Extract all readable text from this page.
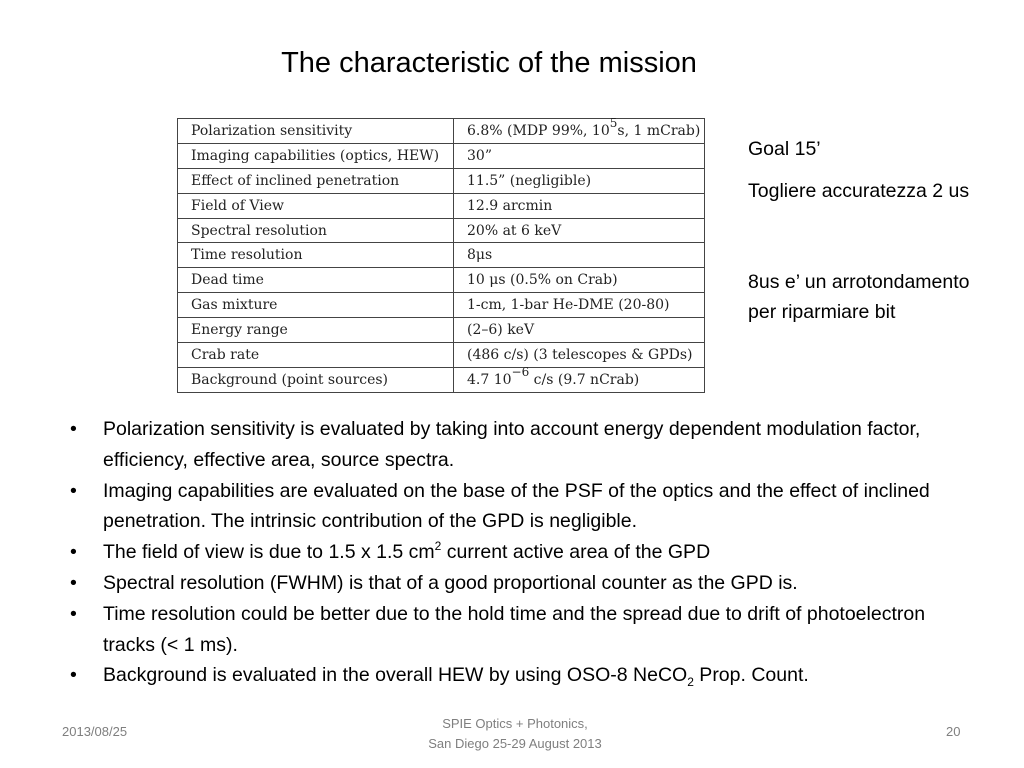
The characteristic of the mission
Polarization sensitivity	6.8% (MDP 99%, $10^5s$, 1 mCrab)
Imaging capabilities (optics, HEW)	30”
Effect of inclined penetration	11.5” (negligible)
Field of View	12.9 arcmin
Spectral resolution	20% at 6 keV
Time resolution	8μs
Dead time	10 μs (0.5% on Crab)
Gas mixture	1-cm, 1-bar He-DME (20-80)
Energy range	(2–6) keV
Crab rate	(486 c/s) (3 telescopes & GPDs)
Background (point sources)	4.7 $10^{-6}$ c/s (9.7 nCrab)
Goal 15’
Togliere accuratezza 2 us
8us e’ un arrotondamento per riparmiare bit
• Polarization sensitivity is evaluated by taking into account energy dependent modulation factor, efficiency, effective area, source spectra.
• Imaging capabilities are evaluated on the base of the PSF of the optics and the effect of inclined penetration. The intrinsic contribution of the GPD is negligible.
• The field of view is due to 1.5 x 1.5 $cm^2$ current active area of the GPD
• Spectral resolution (FWHM) is that of a good proportional counter as the GPD is.
• Time resolution could be better due to the hold time and the spread due to drift of photoelectron tracks (< 1 ms).
• Background is evaluated in the overall HEW by using OSO-8 NeCO$_2$ Prop. Count.
2013/08/25
SPIE Optics + Photonics,
San Diego 25-29 August 2013
20
